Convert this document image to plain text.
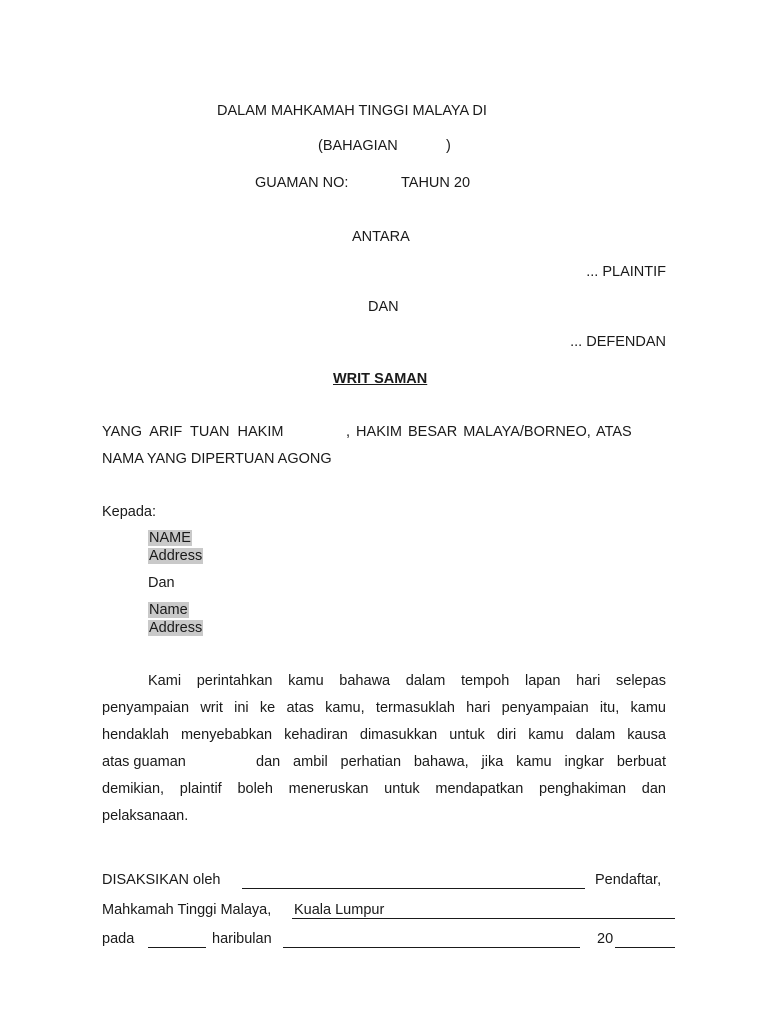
DALAM MAHKAMAH TINGGI MALAYA DI
(BAHAGIAN	)
GUAMAN NO:	TAHUN 20
ANTARA
... PLAINTIF
DAN
... DEFENDAN
WRIT SAMAN
YANG ARIF TUAN HAKIM	, HAKIM BESAR MALAYA/BORNEO, ATAS
NAMA YANG DIPERTUAN AGONG
Kepada:
NAME
Address
Dan
Name
Address
Kami perintahkan kamu bahawa dalam tempoh lapan hari selepas
penyampaian writ ini ke atas kamu, termasuklah hari penyampaian itu, kamu
hendaklah menyebabkan kehadiran dimasukkan untuk diri kamu dalam kausa
atas guaman	dan ambil perhatian bahawa, jika kamu ingkar berbuat
demikian, plaintif boleh meneruskan untuk mendapatkan penghakiman dan
pelaksanaan.
DISAKSIKAN oleh	Pendaftar,
Mahkamah Tinggi Malaya, Kuala Lumpur
pada	haribulan	20
